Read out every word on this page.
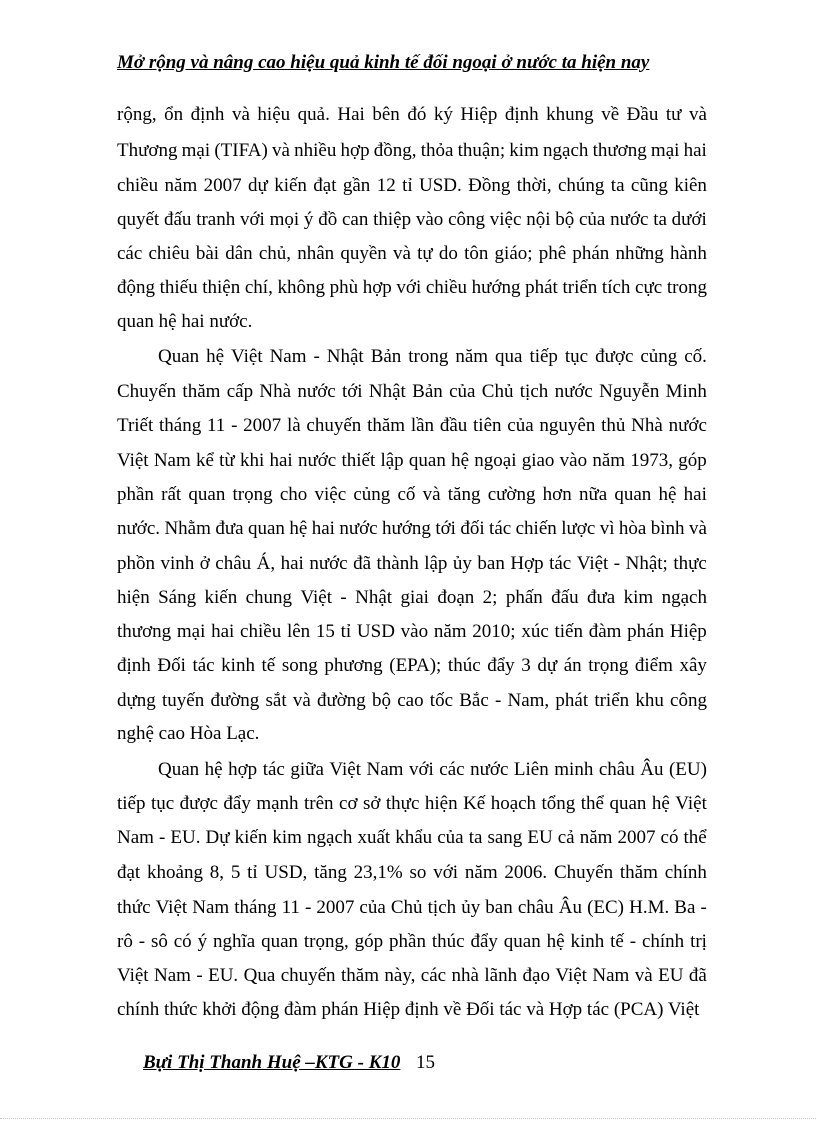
Mở rộng và nâng cao hiệu quả kinh tế đối ngoại ở nước ta hiện nay
rộng, ổn định và hiệu quả. Hai bên đó ký Hiệp định khung về Đầu tư và
Thương mại (TIFA) và nhiều hợp đồng, thỏa thuận; kim ngạch thương mại hai
chiều năm 2007 dự kiến đạt gần 12 tỉ USD. Đồng thời, chúng ta cũng kiên
quyết đấu tranh với mọi ý đồ can thiệp vào công việc nội bộ của nước ta dưới
các chiêu bài dân chủ, nhân quyền và tự do tôn giáo; phê phán những hành
động thiếu thiện chí, không phù hợp với chiều hướng phát triển tích cực trong
quan hệ hai nước.
Quan hệ Việt Nam - Nhật Bản trong năm qua tiếp tục được củng cố.
Chuyến thăm cấp Nhà nước tới Nhật Bản của Chủ tịch nước Nguyễn Minh
Triết tháng 11 - 2007 là chuyến thăm lần đầu tiên của nguyên thủ Nhà nước
Việt Nam kể từ khi hai nước thiết lập quan hệ ngoại giao vào năm 1973, góp
phần rất quan trọng cho việc củng cố và tăng cường hơn nữa quan hệ hai
nước. Nhằm đưa quan hệ hai nước hướng tới đối tác chiến lược vì hòa bình và
phồn vinh ở châu Á, hai nước đã thành lập ủy ban Hợp tác Việt - Nhật; thực
hiện Sáng kiến chung Việt - Nhật giai đoạn 2; phấn đấu đưa kim ngạch
thương mại hai chiều lên 15 tỉ USD vào năm 2010; xúc tiến đàm phán Hiệp
định Đối tác kinh tế song phương (EPA); thúc đẩy 3 dự án trọng điểm xây
dựng tuyến đường sắt và đường bộ cao tốc Bắc - Nam, phát triển khu công
nghệ cao Hòa Lạc.
Quan hệ hợp tác giữa Việt Nam với các nước Liên minh châu Âu (EU)
tiếp tục được đẩy mạnh trên cơ sở thực hiện Kế hoạch tổng thể quan hệ Việt
Nam - EU. Dự kiến kim ngạch xuất khẩu của ta sang EU cả năm 2007 có thể
đạt khoảng 8, 5 tỉ USD, tăng 23,1% so với năm 2006. Chuyến thăm chính
thức Việt Nam tháng 11 - 2007 của Chủ tịch ủy ban châu Âu (EC) H.M. Ba -
rô - sô có ý nghĩa quan trọng, góp phần thúc đẩy quan hệ kinh tế - chính trị
Việt Nam - EU. Qua chuyến thăm này, các nhà lãnh đạo Việt Nam và EU đã
chính thức khởi động đàm phán Hiệp định về Đối tác và Hợp tác (PCA) Việt
Bựi Thị Thanh Huệ –KTG - K10 15
